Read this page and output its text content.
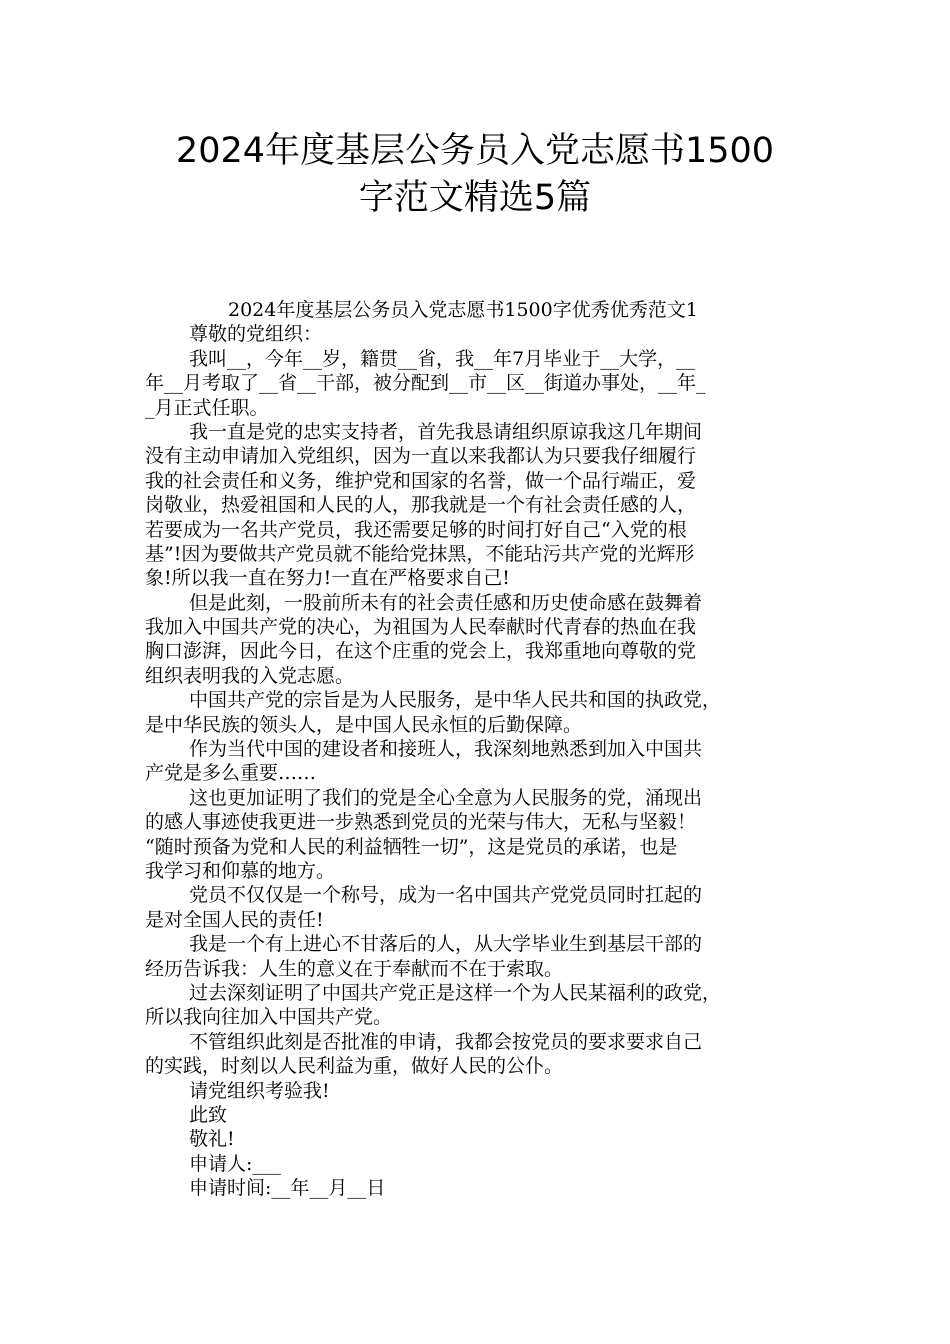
2024年度基层公务员入党志愿书1500
字范文精选5篇
2024年度基层公务员入党志愿书1500字优秀优秀范文1
尊敬的党组织：
我叫__，今年__岁，籍贯__省，我__年7月毕业于__大学，__
年__月考取了__省__干部，被分配到__市__区__街道办事处，__年_
_月正式任职。
我一直是党的忠实支持者，首先我恳请组织原谅我这几年期间
没有主动申请加入党组织，因为一直以来我都认为只要我仔细履行
我的社会责任和义务，维护党和国家的名誉，做一个品行端正，爱
岗敬业，热爱祖国和人民的人，那我就是一个有社会责任感的人，
若要成为一名共产党员，我还需要足够的时间打好自己“入党的根
基”!因为要做共产党员就不能给党抹黑，不能玷污共产党的光辉形
象!所以我一直在努力!一直在严格要求自己!
但是此刻，一股前所未有的社会责任感和历史使命感在鼓舞着
我加入中国共产党的决心，为祖国为人民奉献时代青春的热血在我
胸口澎湃，因此今日，在这个庄重的党会上，我郑重地向尊敬的党
组织表明我的入党志愿。
中国共产党的宗旨是为人民服务，是中华人民共和国的执政党，
是中华民族的领头人，是中国人民永恒的后勤保障。
作为当代中国的建设者和接班人，我深刻地熟悉到加入中国共
产党是多么重要……
这也更加证明了我们的党是全心全意为人民服务的党，涌现出
的感人事迹使我更进一步熟悉到党员的光荣与伟大，无私与坚毅！
“随时预备为党和人民的利益牺牲一切”，这是党员的承诺，也是
我学习和仰慕的地方。
党员不仅仅是一个称号，成为一名中国共产党党员同时扛起的
是对全国人民的责任!
我是一个有上进心不甘落后的人，从大学毕业生到基层干部的
经历告诉我：人生的意义在于奉献而不在于索取。
过去深刻证明了中国共产党正是这样一个为人民某福利的政党，
所以我向往加入中国共产党。
不管组织此刻是否批准的申请，我都会按党员的要求要求自己
的实践，时刻以人民利益为重，做好人民的公仆。
请党组织考验我!
此致
敬礼!
申请人:___
申请时间:__年__月__日
